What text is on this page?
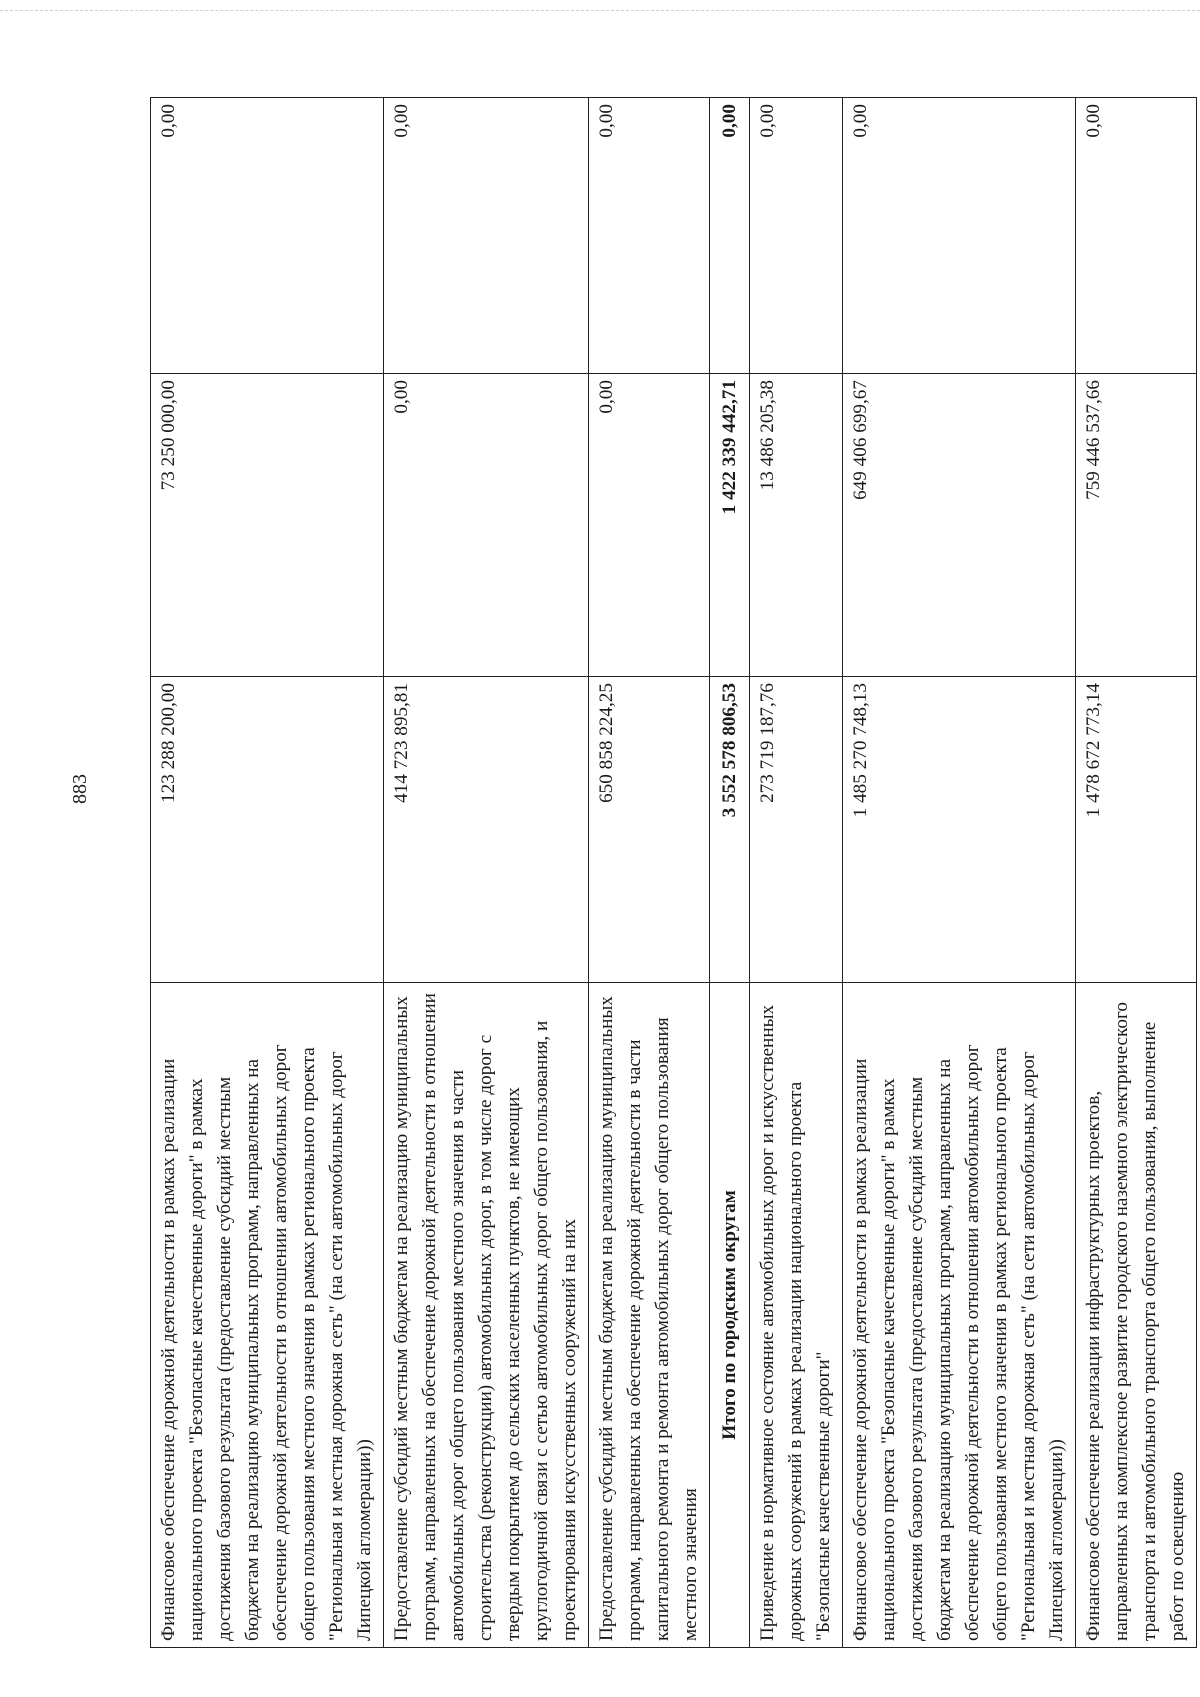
883
Финансовое обеспечение дорожной деятельности в рамках реализации национального проекта "Безопасные качественные дороги" в рамках достижения базового результата (предоставление субсидий местным бюджетам на реализацию муниципальных программ, направленных на обеспечение дорожной деятельности в отношении автомобильных дорог общего пользования местного значения в рамках регионального проекта "Региональная и местная дорожная сеть" (на сети автомобильных дорог Липецкой агломерации))	123 288 200,00	73 250 000,00	0,00
Предоставление субсидий местным бюджетам на реализацию муниципальных программ, направленных на обеспечение дорожной деятельности в отношении автомобильных дорог общего пользования местного значения в части строительства (реконструкции) автомобильных дорог, в том числе дорог с твердым покрытием до сельских населенных пунктов, не имеющих круглогодичной связи с сетью автомобильных дорог общего пользования, и проектирования искусственных сооружений на них	414 723 895,81	0,00	0,00
Предоставление субсидий местным бюджетам на реализацию муниципальных программ, направленных на обеспечение дорожной деятельности в части капитального ремонта и ремонта автомобильных дорог общего пользования местного значения	650 858 224,25	0,00	0,00
Итого по городским округам	3 552 578 806,53	1 422 339 442,71	0,00
Приведение в нормативное состояние автомобильных дорог и искусственных дорожных сооружений в рамках реализации национального проекта "Безопасные качественные дороги"	273 719 187,76	13 486 205,38	0,00
Финансовое обеспечение дорожной деятельности в рамках реализации национального проекта "Безопасные качественные дороги" в рамках достижения базового результата (предоставление субсидий местным бюджетам на реализацию муниципальных программ, направленных на обеспечение дорожной деятельности в отношении автомобильных дорог общего пользования местного значения в рамках регионального проекта "Региональная и местная дорожная сеть" (на сети автомобильных дорог Липецкой агломерации))	1 485 270 748,13	649 406 699,67	0,00
Финансовое обеспечение реализации инфраструктурных проектов, направленных на комплексное развитие городского наземного электрического транспорта и автомобильного транспорта общего пользования, выполнение работ по освещению	1 478 672 773,14	759 446 537,66	0,00
